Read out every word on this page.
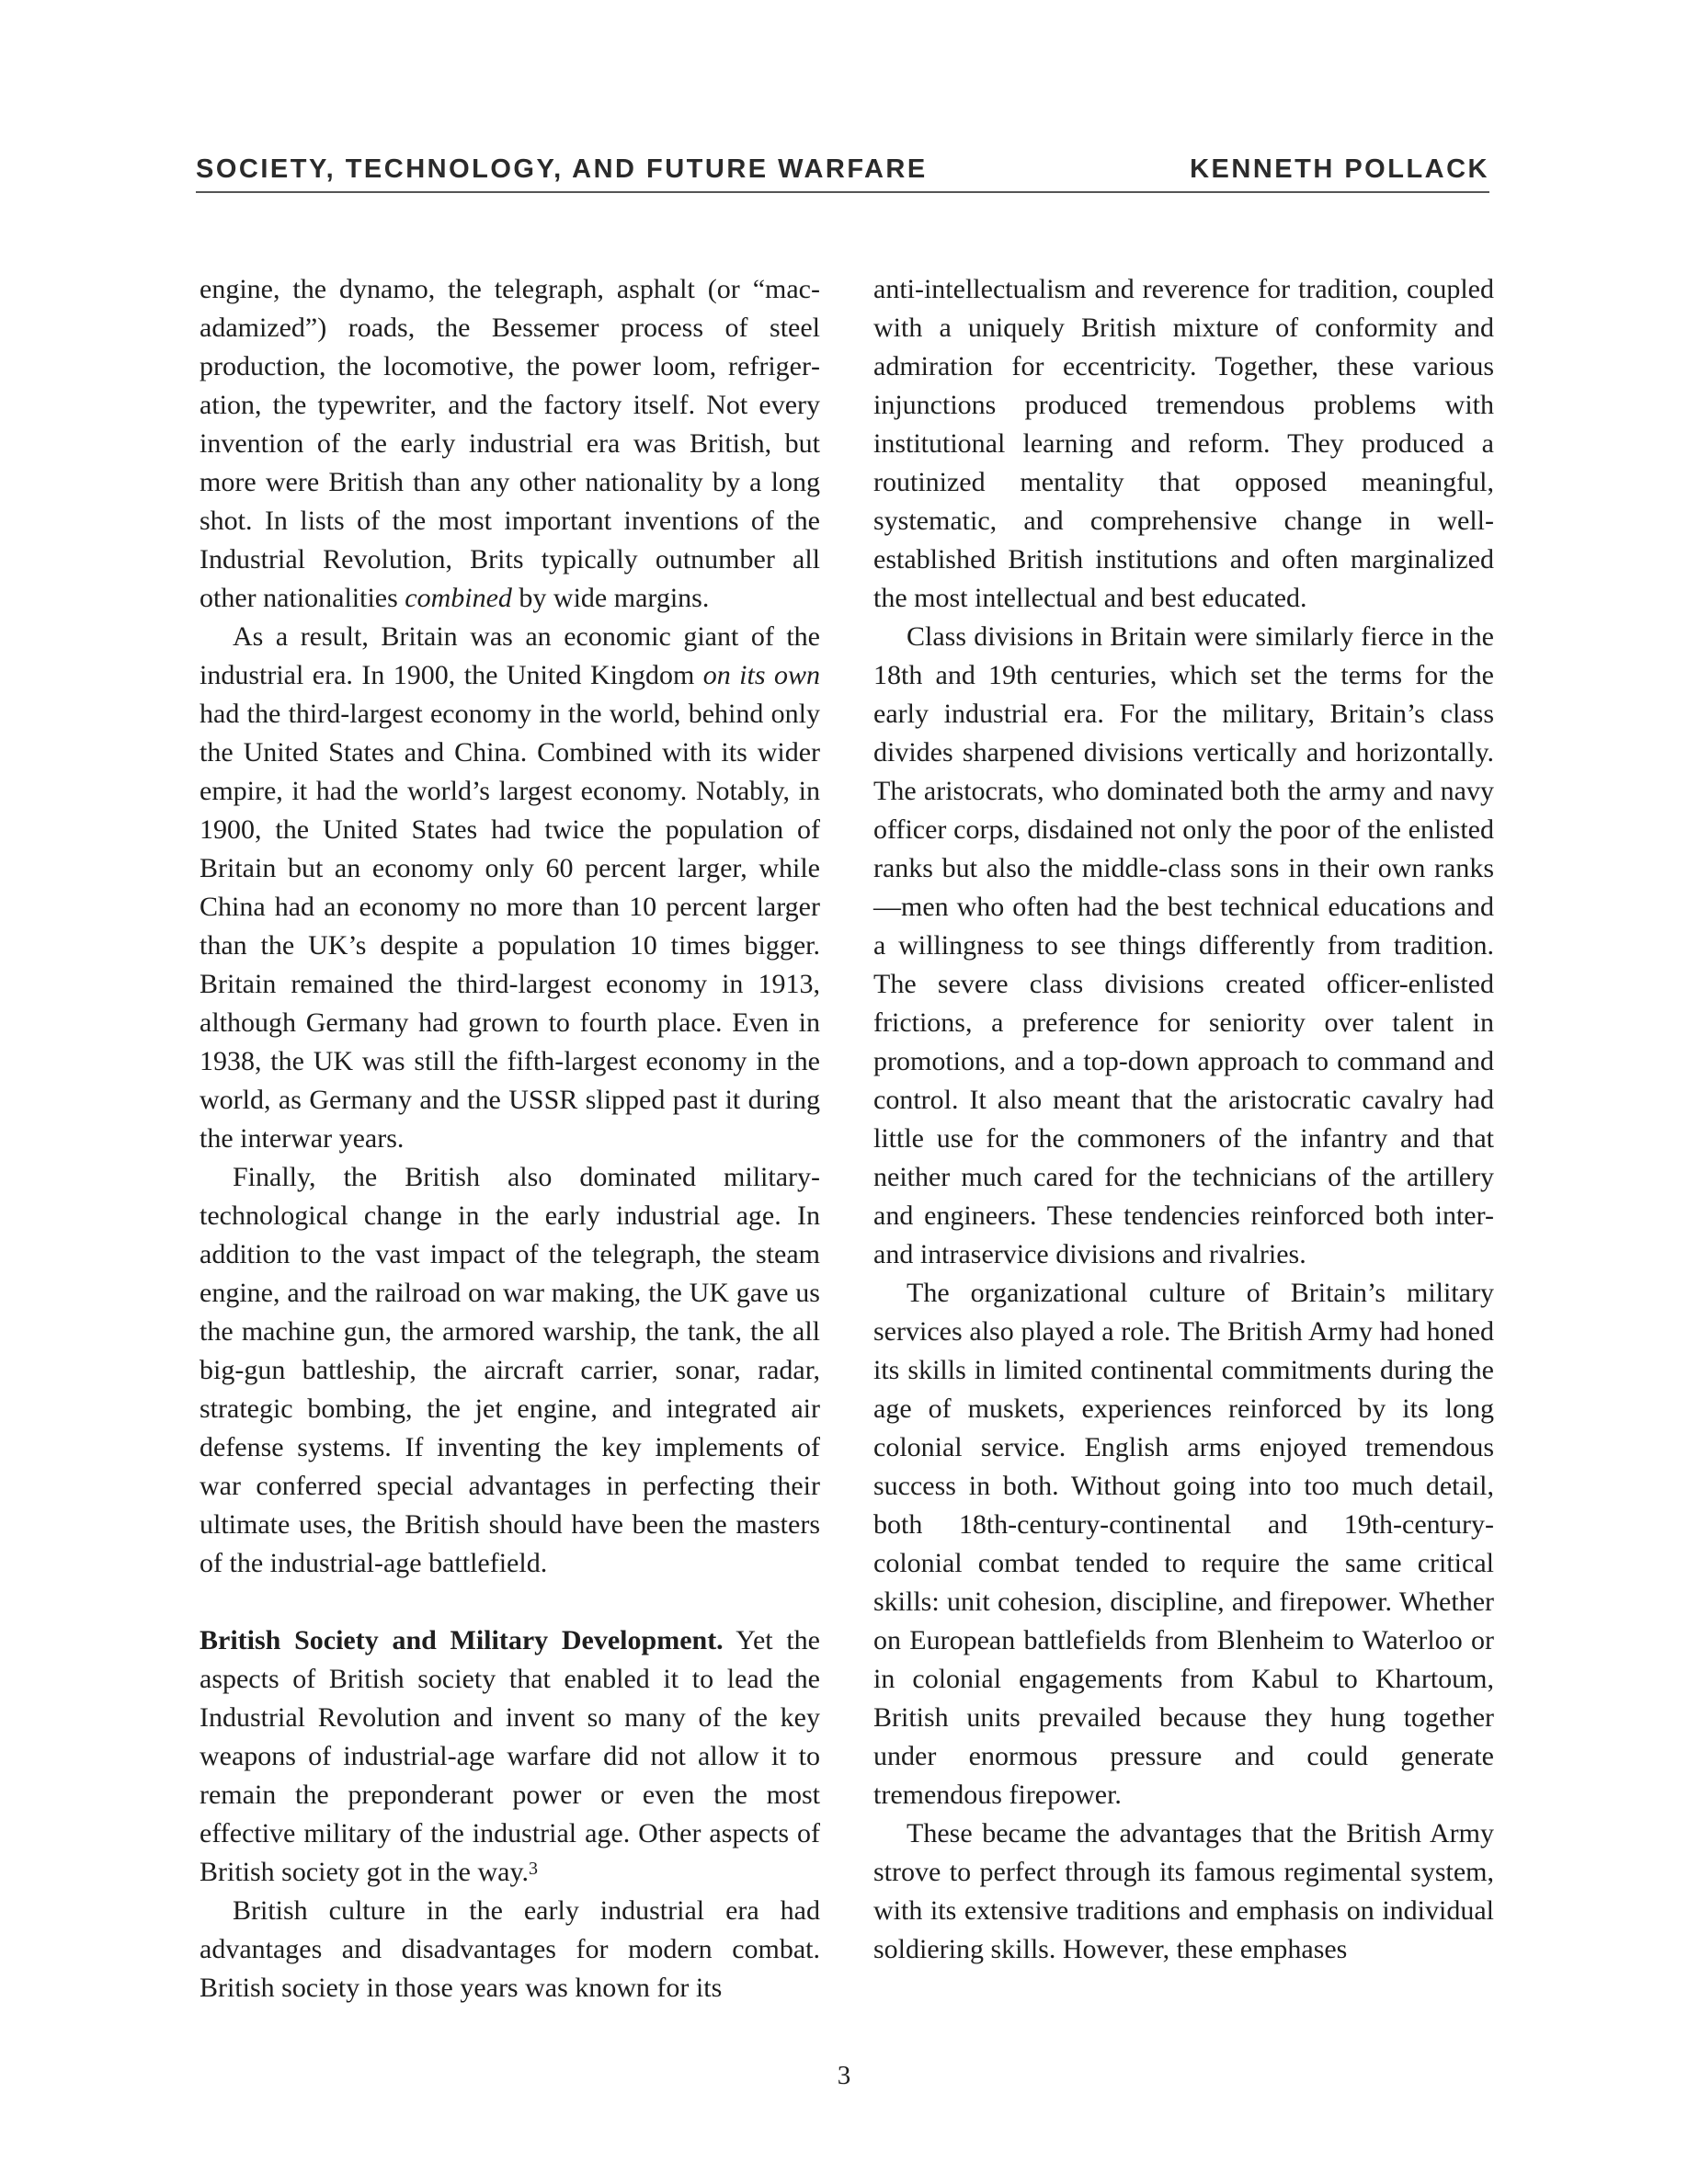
SOCIETY, TECHNOLOGY, AND FUTURE WARFARE	KENNETH POLLACK

engine, the dynamo, the telegraph, asphalt (or “macadamized”) roads, the Bessemer process of steel production, the locomotive, the power loom, refrigeration, the typewriter, and the factory itself. Not every invention of the early industrial era was British, but more were British than any other nationality by a long shot. In lists of the most important inventions of the Industrial Revolution, Brits typically outnumber all other nationalities combined by wide margins.

As a result, Britain was an economic giant of the industrial era. In 1900, the United Kingdom on its own had the third-largest economy in the world, behind only the United States and China. Combined with its wider empire, it had the world’s largest economy. Notably, in 1900, the United States had twice the population of Britain but an economy only 60 percent larger, while China had an economy no more than 10 percent larger than the UK’s despite a population 10 times bigger. Britain remained the third-largest economy in 1913, although Germany had grown to fourth place. Even in 1938, the UK was still the fifth-largest economy in the world, as Germany and the USSR slipped past it during the interwar years.

Finally, the British also dominated military-technological change in the early industrial age. In addition to the vast impact of the telegraph, the steam engine, and the railroad on war making, the UK gave us the machine gun, the armored warship, the tank, the all big-gun battleship, the aircraft carrier, sonar, radar, strategic bombing, the jet engine, and integrated air defense systems. If inventing the key implements of war conferred special advantages in perfecting their ultimate uses, the British should have been the masters of the industrial-age battlefield.

British Society and Military Development. Yet the aspects of British society that enabled it to lead the Industrial Revolution and invent so many of the key weapons of industrial-age warfare did not allow it to remain the preponderant power or even the most effective military of the industrial age. Other aspects of British society got in the way.$^3$

British culture in the early industrial era had advantages and disadvantages for modern combat. British society in those years was known for its

anti-intellectualism and reverence for tradition, coupled with a uniquely British mixture of conformity and admiration for eccentricity. Together, these various injunctions produced tremendous problems with institutional learning and reform. They produced a routinized mentality that opposed meaningful, systematic, and comprehensive change in well-established British institutions and often marginalized the most intellectual and best educated.

Class divisions in Britain were similarly fierce in the 18th and 19th centuries, which set the terms for the early industrial era. For the military, Britain’s class divides sharpened divisions vertically and horizontally. The aristocrats, who dominated both the army and navy officer corps, disdained not only the poor of the enlisted ranks but also the middle-class sons in their own ranks—men who often had the best technical educations and a willingness to see things differently from tradition. The severe class divisions created officer-enlisted frictions, a preference for seniority over talent in promotions, and a top-down approach to command and control. It also meant that the aristocratic cavalry had little use for the commoners of the infantry and that neither much cared for the technicians of the artillery and engineers. These tendencies reinforced both inter- and intraservice divisions and rivalries.

The organizational culture of Britain’s military services also played a role. The British Army had honed its skills in limited continental commitments during the age of muskets, experiences reinforced by its long colonial service. English arms enjoyed tremendous success in both. Without going into too much detail, both 18th-century-continental and 19th-century-colonial combat tended to require the same critical skills: unit cohesion, discipline, and firepower. Whether on European battlefields from Blenheim to Waterloo or in colonial engagements from Kabul to Khartoum, British units prevailed because they hung together under enormous pressure and could generate tremendous firepower.

These became the advantages that the British Army strove to perfect through its famous regimental system, with its extensive traditions and emphasis on individual soldiering skills. However, these emphases

3
